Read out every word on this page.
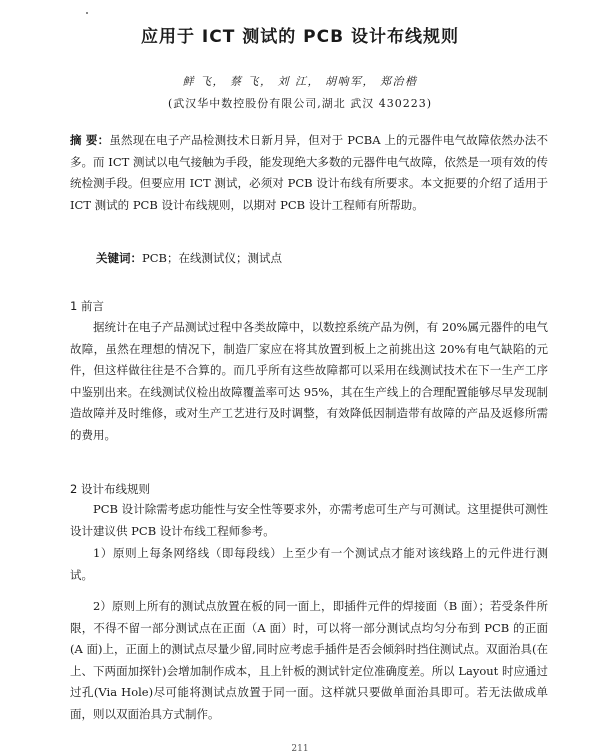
应用于 ICT 测试的 PCB 设计布线规则
鲜 飞， 蔡 飞， 刘 江， 胡响军， 郑治楷
(武汉华中数控股份有限公司,湖北 武汉 430223)
摘 要：虽然现在电子产品检测技术日新月异，但对于 PCBA 上的元器件电气故障依然办法不多。而 ICT 测试以电气接触为手段，能发现绝大多数的元器件电气故障，依然是一项有效的传统检测手段。但要应用 ICT 测试，必须对 PCB 设计布线有所要求。本文扼要的介绍了适用于 ICT 测试的 PCB 设计布线规则，以期对 PCB 设计工程师有所帮助。
关键词：PCB；在线测试仪；测试点
1 前言
据统计在电子产品测试过程中各类故障中，以数控系统产品为例，有 20%属元器件的电气故障，虽然在理想的情况下，制造厂家应在将其放置到板上之前挑出这 20%有电气缺陷的元件，但这样做往往是不合算的。而几乎所有这些故障都可以采用在线测试技术在下一生产工序中鉴别出来。在线测试仪检出故障覆盖率可达 95%，其在生产线上的合理配置能够尽早发现制造故障并及时维修，或对生产工艺进行及时调整，有效降低因制造带有故障的产品及返修所需的费用。
2 设计布线规则
PCB 设计除需考虑功能性与安全性等要求外，亦需考虑可生产与可测试。这里提供可测性设计建议供 PCB 设计布线工程师参考。
1）原则上每条网络线（即每段线）上至少有一个测试点才能对该线路上的元件进行测试。
2）原则上所有的测试点放置在板的同一面上，即插件元件的焊接面（B 面）；若受条件所限，不得不留一部分测试点在正面（A 面）时，可以将一部分测试点均匀分布到 PCB 的正面(A 面)上，正面上的测试点尽量少留,同时应考虑手插件是否会倾斜时挡住测试点。双面治具(在上、下两面加探针)会增加制作成本，且上针板的测试针定位准确度差。所以 Layout 时应通过过孔(Via Hole)尽可能将测试点放置于同一面。这样就只要做单面治具即可。若无法做成单面，则以双面治具方式制作。
211
